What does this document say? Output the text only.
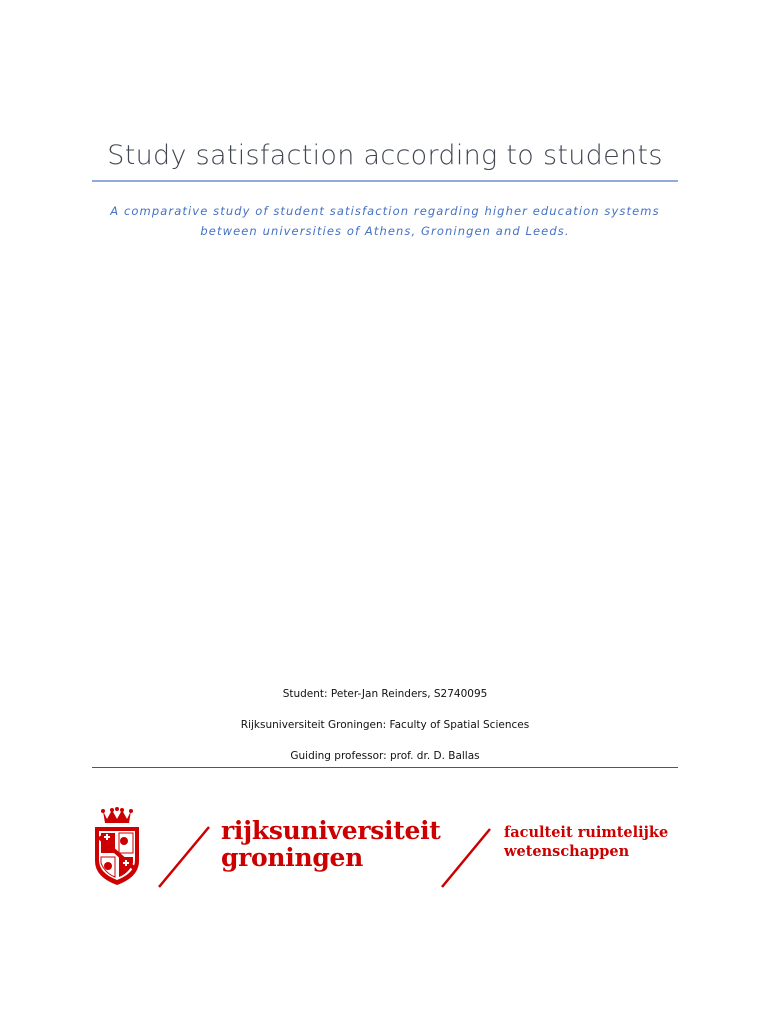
Study satisfaction according to students
A comparative study of student satisfaction regarding higher education systems
between universities of Athens, Groningen and Leeds.
Student: Peter-Jan Reinders, S2740095
Rijksuniversiteit Groningen: Faculty of Spatial Sciences
Guiding professor: prof. dr. D. Ballas
rijksuniversiteit
groningen
faculteit ruimtelijke
wetenschappen
